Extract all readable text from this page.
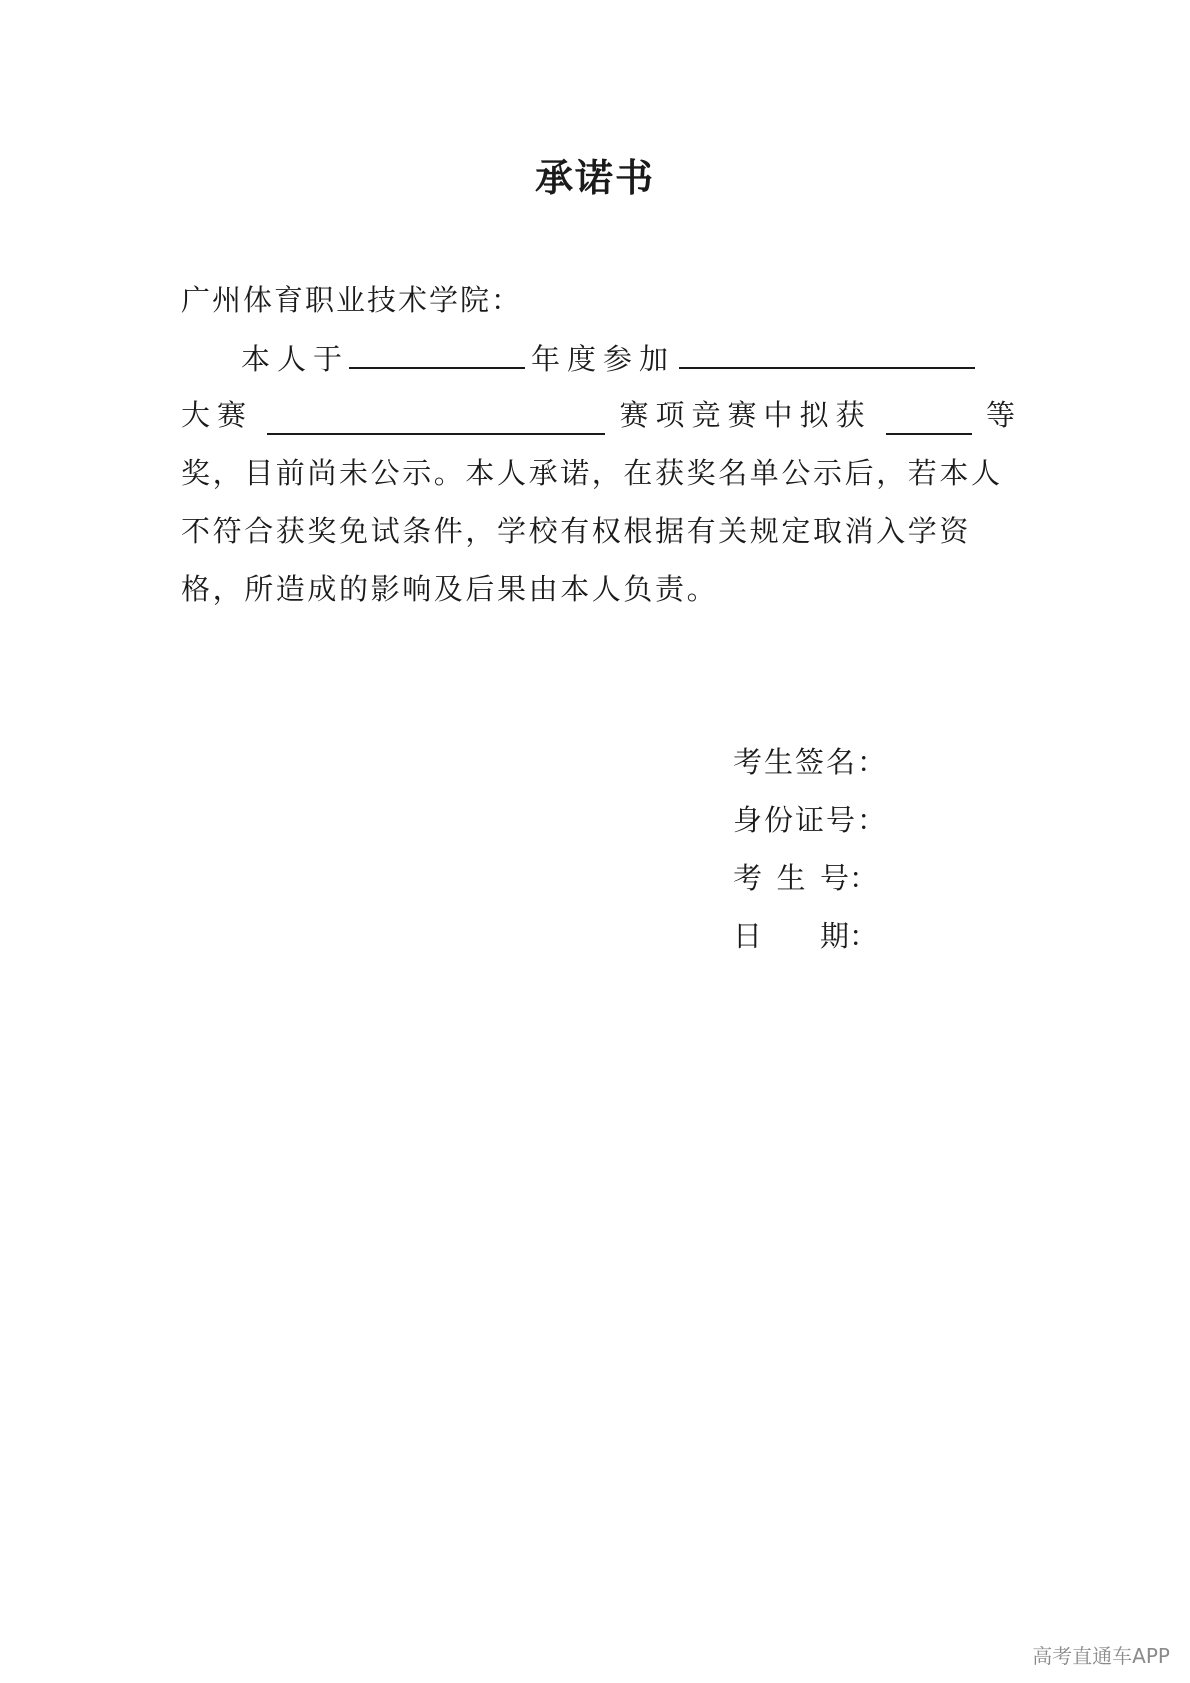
承诺书
广州体育职业技术学院：
本人于	年度参加
大赛	赛项竞赛中拟获	等
奖，目前尚未公示。本人承诺，在获奖名单公示后，若本人
不符合获奖免试条件，学校有权根据有关规定取消入学资
格，所造成的影响及后果由本人负责。
考生签名：
身份证号：
考 生 号 ：
日 期 ：
高考直通车APP
